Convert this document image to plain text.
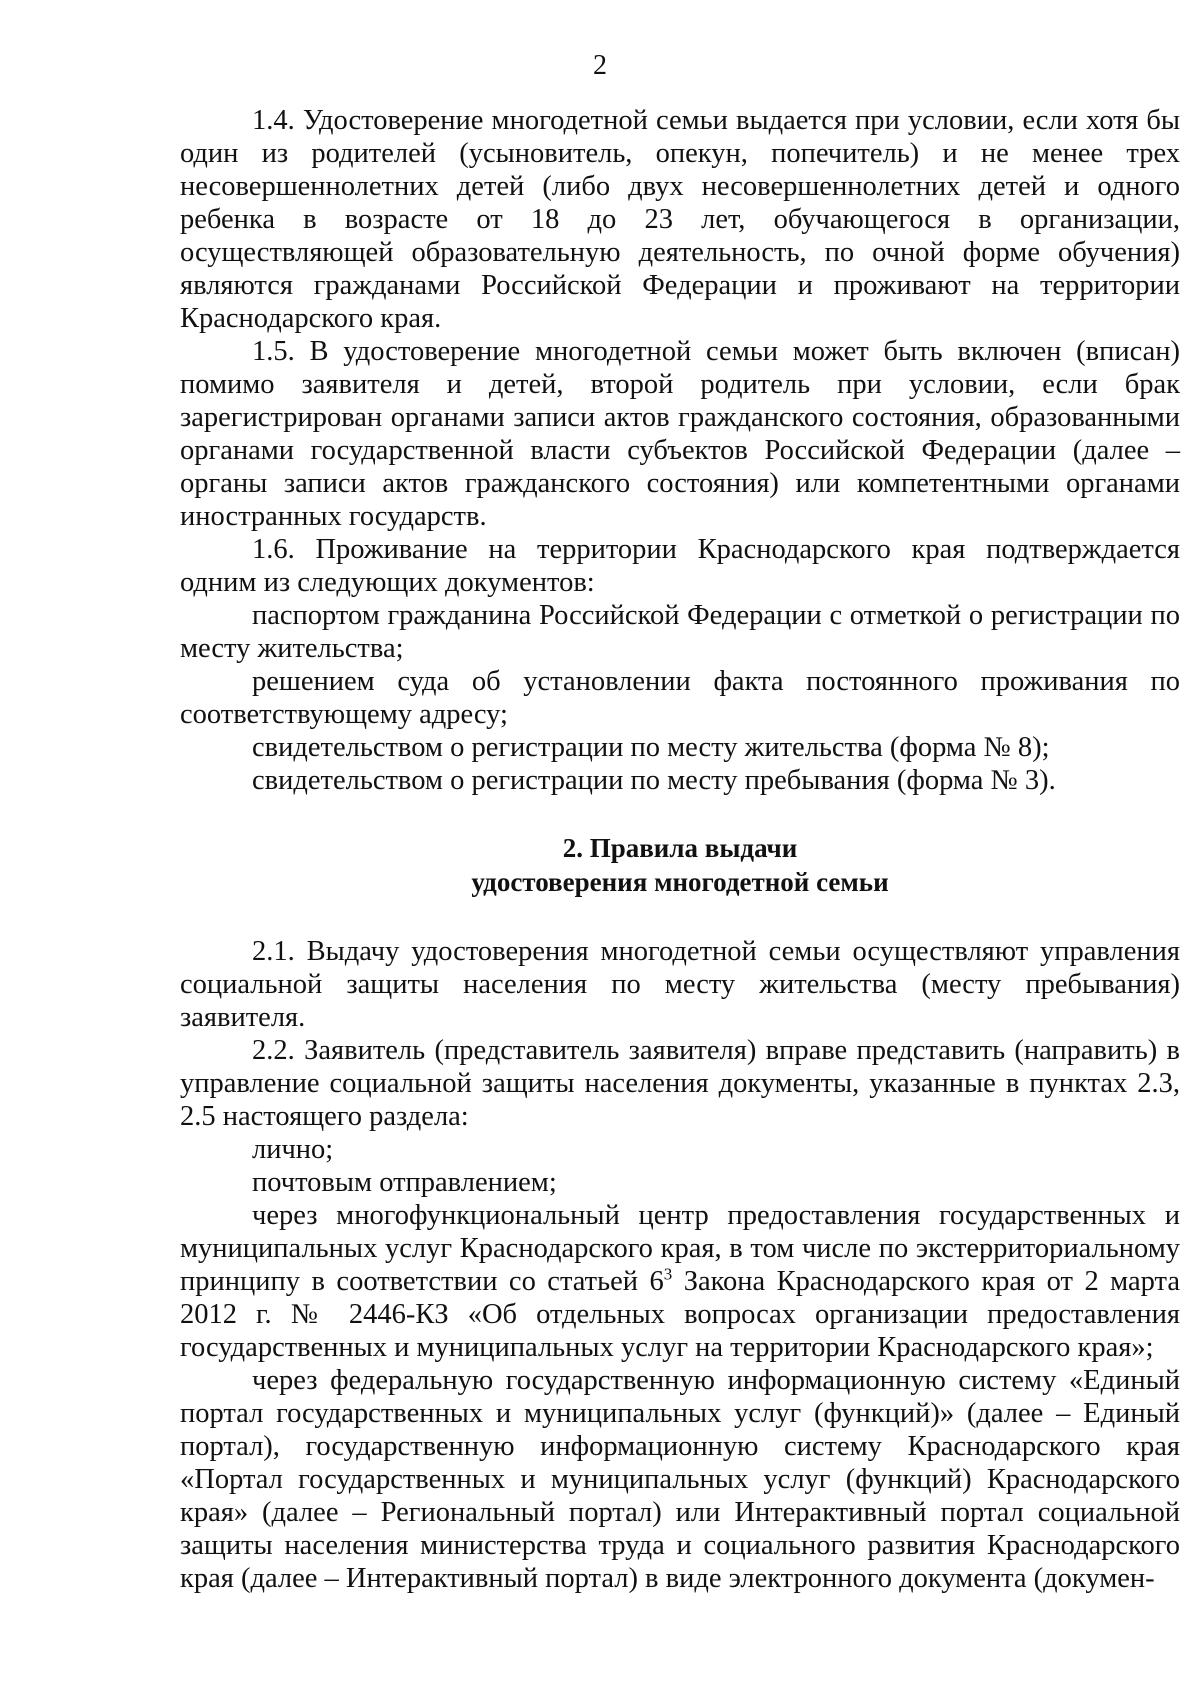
2

1.4. Удостоверение многодетной семьи выдается при условии, если хотя бы один из родителей (усыновитель, опекун, попечитель) и не менее трех несовершеннолетних детей (либо двух несовершеннолетних детей и одного ребенка в возрасте от 18 до 23 лет, обучающегося в организации, осуществляющей образовательную деятельность, по очной форме обучения) являются гражданами Российской Федерации и проживают на территории Краснодарского края.

1.5. В удостоверение многодетной семьи может быть включен (вписан) помимо заявителя и детей, второй родитель при условии, если брак зарегистрирован органами записи актов гражданского состояния, образованными органами государственной власти субъектов Российской Федерации (далее – органы записи актов гражданского состояния) или компетентными органами иностранных государств.

1.6. Проживание на территории Краснодарского края подтверждается одним из следующих документов:

паспортом гражданина Российской Федерации с отметкой о регистрации по месту жительства;

решением суда об установлении факта постоянного проживания по соответствующему адресу;

свидетельством о регистрации по месту жительства (форма № 8);

свидетельством о регистрации по месту пребывания (форма № 3).

2. Правила выдачи

удостоверения многодетной семьи

2.1. Выдачу удостоверения многодетной семьи осуществляют управления социальной защиты населения по месту жительства (месту пребывания) заявителя.

2.2. Заявитель (представитель заявителя) вправе представить (направить) в управление социальной защиты населения документы, указанные в пунктах 2.3, 2.5 настоящего раздела:

лично;

почтовым отправлением;

через многофункциональный центр предоставления государственных и муниципальных услуг Краснодарского края, в том числе по экстерриториальному принципу в соответствии со статьей $6^3$ Закона Краснодарского края от 2 марта 2012 г. № 2446-КЗ «Об отдельных вопросах организации предоставления государственных и муниципальных услуг на территории Краснодарского края»;

через федеральную государственную информационную систему «Единый портал государственных и муниципальных услуг (функций)» (далее – Единый портал), государственную информационную систему Краснодарского края «Портал государственных и муниципальных услуг (функций) Краснодарского края» (далее – Региональный портал) или Интерактивный портал социальной защиты населения министерства труда и социального развития Краснодарского края (далее – Интерактивный портал) в виде электронного документа (докумен-
